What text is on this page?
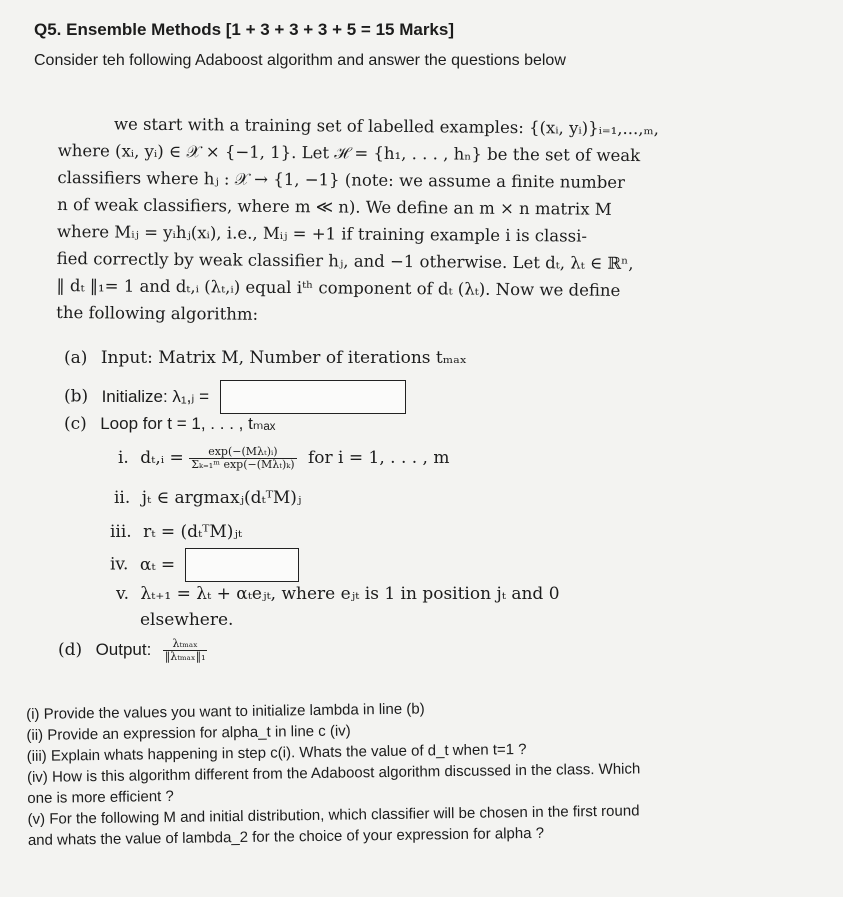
Q5. Ensemble Methods [1 + 3 + 3 + 3 + 5 = 15 Marks]
Consider teh following Adaboost algorithm and answer the questions below

we start with a training set of labelled examples: {(xᵢ, yᵢ)}ᵢ₌₁,...,ₘ,

where (xᵢ, yᵢ) ∈ 𝒳 × {−1, 1}. Let ℋ = {h₁, . . . , hₙ} be the set of weak

classifiers where hⱼ : 𝒳 → {1, −1} (note: we assume a finite number

n of weak classifiers, where m ≪ n). We define an m × n matrix M

where Mᵢⱼ = yᵢhⱼ(xᵢ), i.e., Mᵢⱼ = +1 if training example i is classi-

fied correctly by weak classifier hⱼ, and −1 otherwise. Let dₜ, λₜ ∈ ℝⁿ,

‖ dₜ ‖₁= 1 and dₜ,ᵢ (λₜ,ᵢ) equal iᵗʰ component of dₜ (λₜ). Now we define

the following algorithm:

(a) Input: Matrix M, Number of iterations tₘₐₓ
(b) Initialize: λ₁,ⱼ =
(c) Loop for t = 1, . . . , tₘₐₓ
i. dₜ,ᵢ = $\frac{\text{exp(−(Mλₜ)ᵢ)}}{\text{Σₖ₌₁ᵐ exp(−(Mλₜ)ₖ)}}$ for i = 1, . . . , m
ii. jₜ ∈ argmaxⱼ(dₜᵀM)ⱼ
iii. rₜ = (dₜᵀM)ⱼₜ
iv. αₜ =
v. λₜ₊₁ = λₜ + αₜeⱼₜ, where eⱼₜ is 1 in position jₜ and 0
elsewhere.
(d) Output: $\frac{\text{λₜₘₐₓ}}{\text{‖λₜₘₐₓ‖₁}}$

(i) Provide the values you want to initialize lambda in line (b)

(ii) Provide an expression for alpha_t in line c (iv)

(iii) Explain whats happening in step c(i). Whats the value of d_t when t=1 ?

(iv) How is this algorithm different from the Adaboost algorithm discussed in the class. Which

one is more efficient ?

(v) For the following M and initial distribution, which classifier will be chosen in the first round

and whats the value of lambda_2 for the choice of your expression for alpha ?
